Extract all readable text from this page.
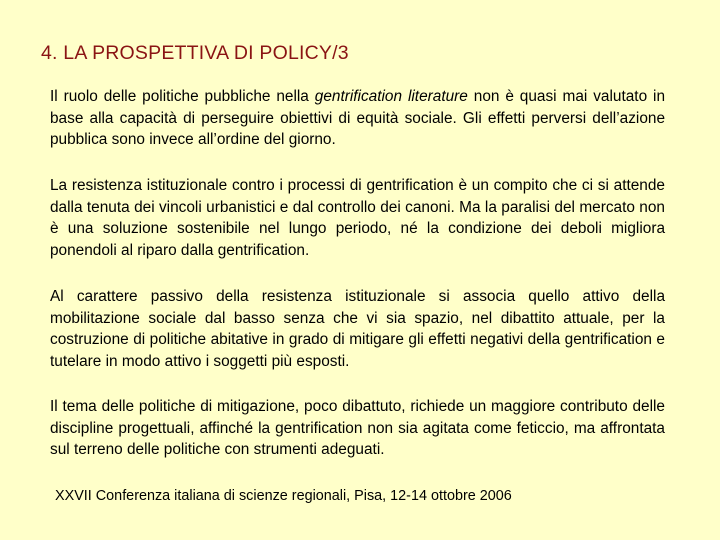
4. LA PROSPETTIVA DI POLICY/3

Il ruolo delle politiche pubbliche nella gentrification literature non è quasi mai valutato in base alla capacità di perseguire obiettivi di equità sociale. Gli effetti perversi dell’azione pubblica sono invece all’ordine del giorno.

La resistenza istituzionale contro i processi di gentrification è un compito che ci si attende dalla tenuta dei vincoli urbanistici e dal controllo dei canoni. Ma la paralisi del mercato non è una soluzione sostenibile nel lungo periodo, né la condizione dei deboli migliora ponendoli al riparo dalla gentrification.

Al carattere passivo della resistenza istituzionale si associa quello attivo della mobilitazione sociale dal basso senza che vi sia spazio, nel dibattito attuale, per la costruzione di politiche abitative in grado di mitigare gli effetti negativi della gentrification e tutelare in modo attivo i soggetti più esposti.

Il tema delle politiche di mitigazione, poco dibattuto, richiede un maggiore contributo delle discipline progettuali, affinché la gentrification non sia agitata come feticcio, ma affrontata sul terreno delle politiche con strumenti adeguati.

XXVII Conferenza italiana di scienze regionali, Pisa, 12-14 ottobre 2006
